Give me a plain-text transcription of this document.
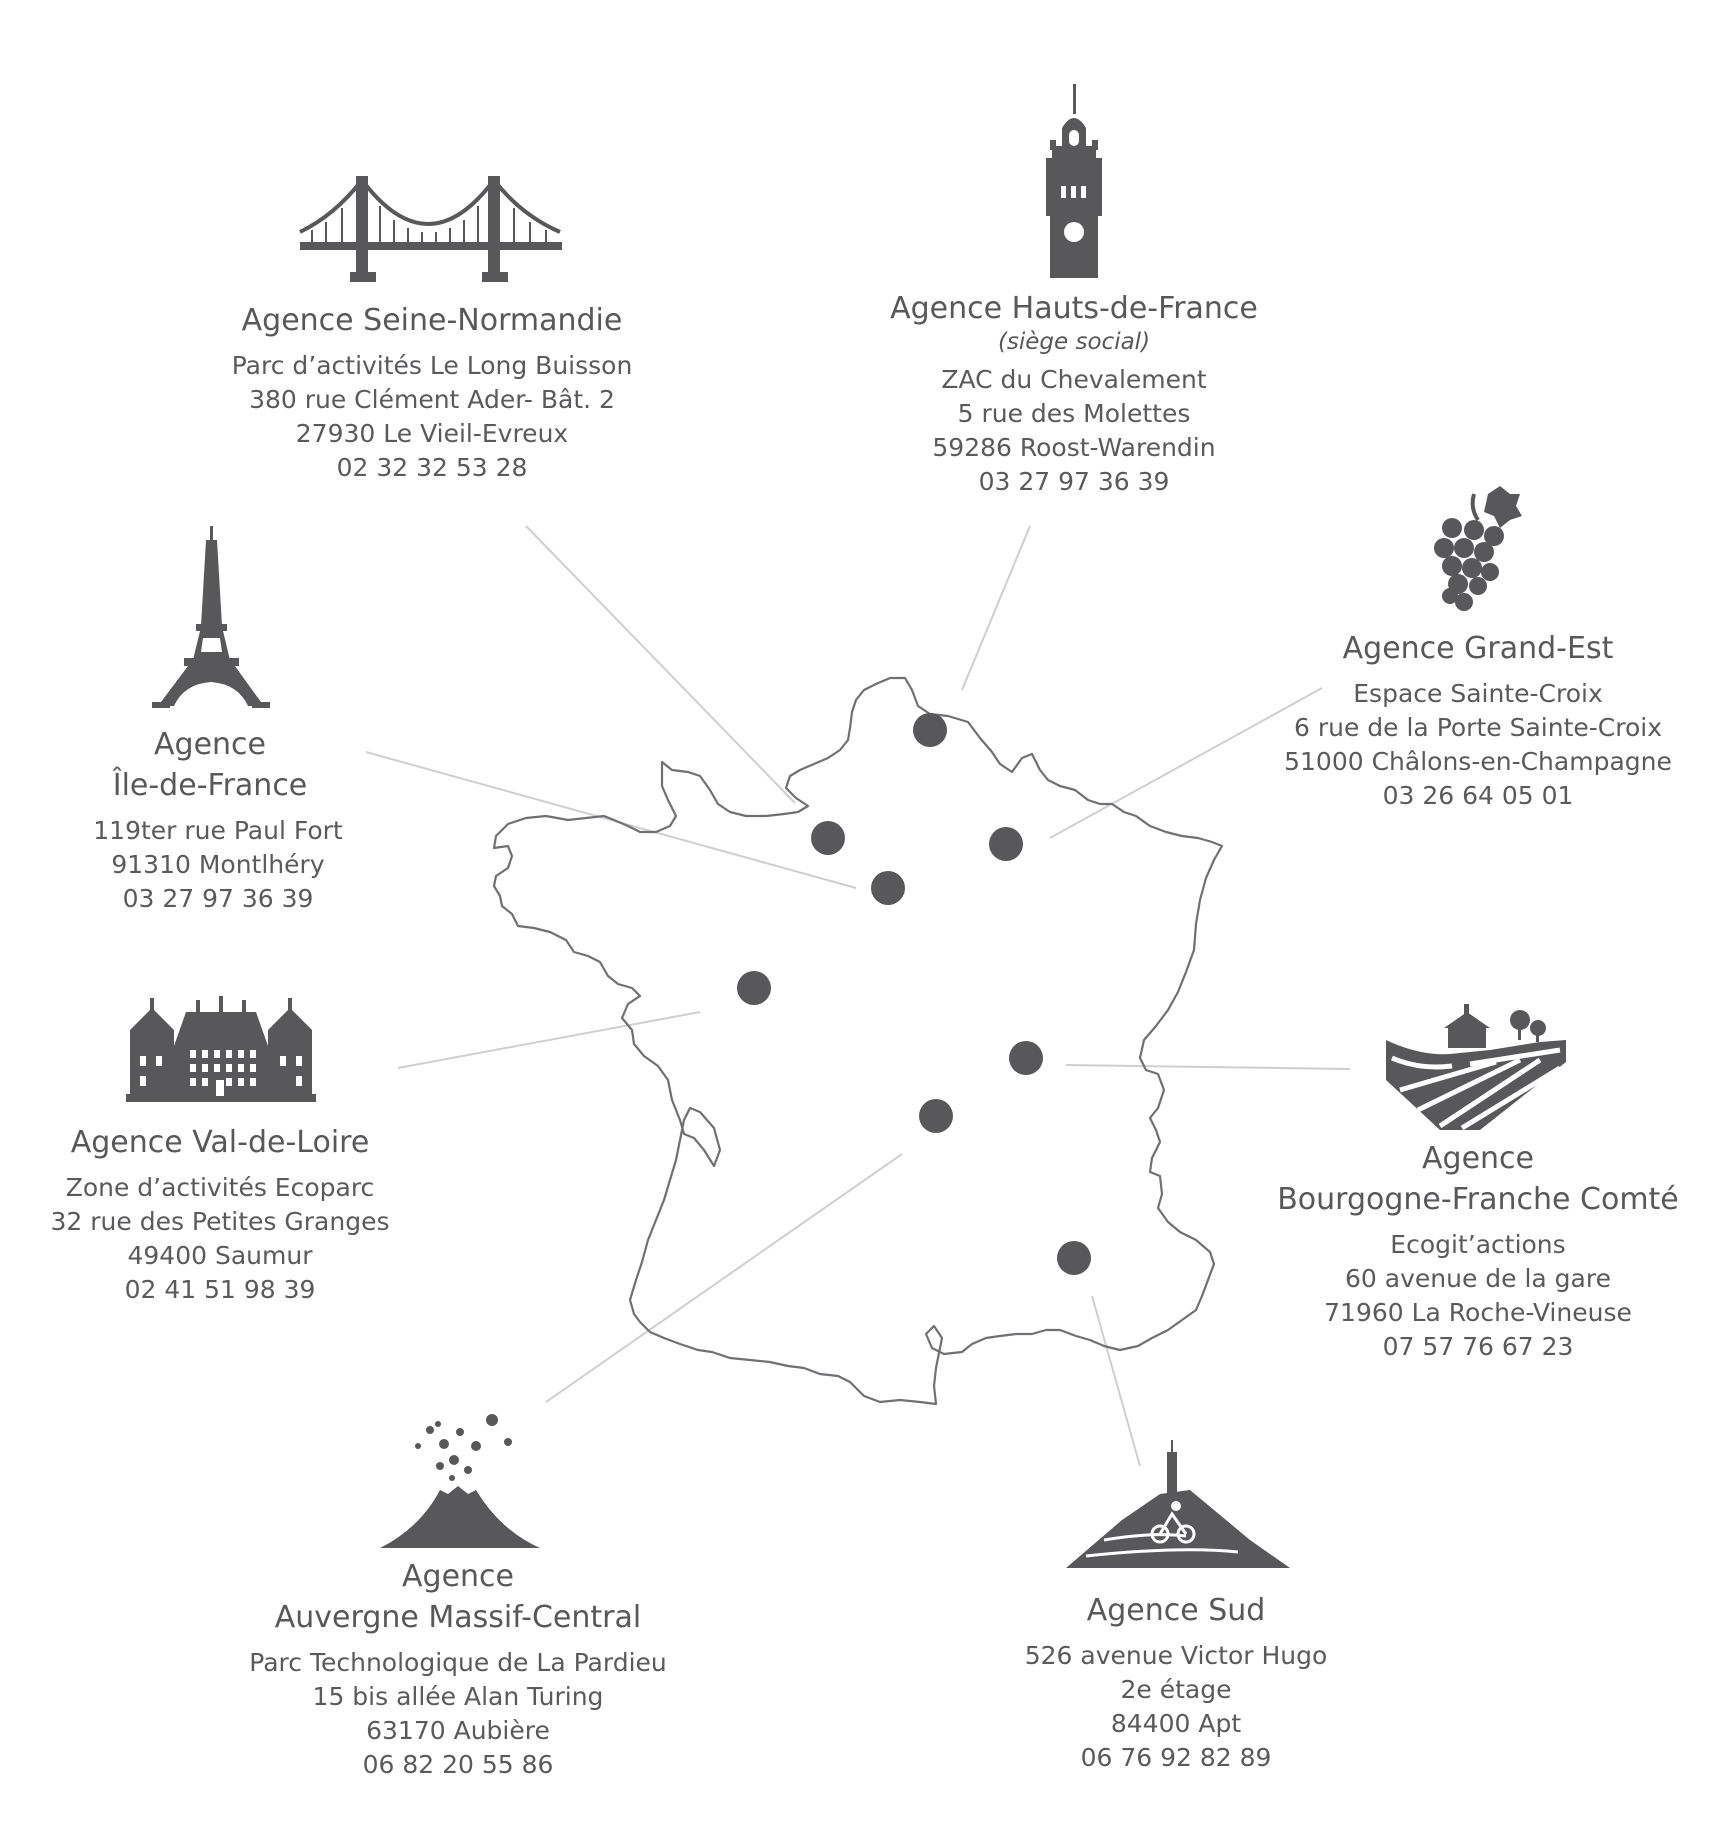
Agence Seine-Normandie
Parc d’activités Le Long Buisson
380 rue Clément Ader- Bât. 2
27930 Le Vieil-Evreux
02 32 32 53 28
Agence Hauts-de-France
(siège social)
ZAC du Chevalement
5 rue des Molettes
59286 Roost-Warendin
03 27 97 36 39
Agence Grand-Est
Espace Sainte-Croix
6 rue de la Porte Sainte-Croix
51000 Châlons-en-Champagne
03 26 64 05 01
Agence
Île-de-France
119ter rue Paul Fort
91310 Montlhéry
03 27 97 36 39
Agence Val-de-Loire
Zone d’activités Ecoparc
32 rue des Petites Granges
49400 Saumur
02 41 51 98 39
Agence
Bourgogne-Franche Comté
Ecogit’actions
60 avenue de la gare
71960 La Roche-Vineuse
07 57 76 67 23
Agence
Auvergne Massif-Central
Parc Technologique de La Pardieu
15 bis allée Alan Turing
63170 Aubière
06 82 20 55 86
Agence Sud
526 avenue Victor Hugo
2e étage
84400 Apt
06 76 92 82 89
